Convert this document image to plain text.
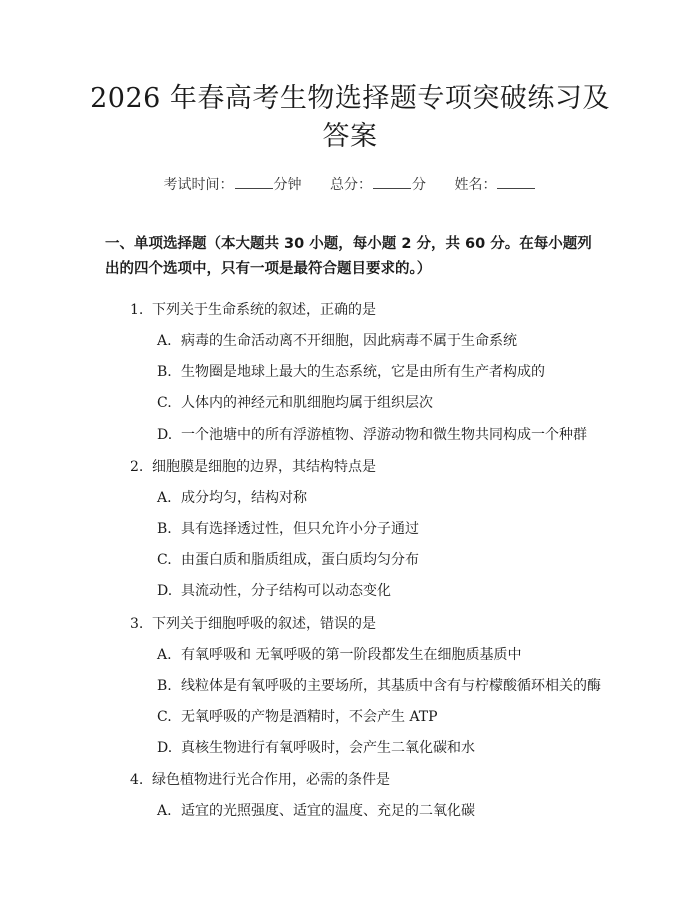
2026 年春高考生物选择题专项突破练习及答案
考试时间：	分钟 总分：	分 姓名：
一、单项选择题（本大题共 30 小题，每小题 2 分，共 60 分。在每小题列出的四个选项中，只有一项是最符合题目要求的。）
1. 下列关于生命系统的叙述，正确的是
A. 病毒的生命活动离不开细胞，因此病毒不属于生命系统
B. 生物圈是地球上最大的生态系统，它是由所有生产者构成的
C. 人体内的神经元和肌细胞均属于组织层次
D. 一个池塘中的所有浮游植物、浮游动物和微生物共同构成一个种群
2. 细胞膜是细胞的边界，其结构特点是
A. 成分均匀，结构对称
B. 具有选择透过性，但只允许小分子通过
C. 由蛋白质和脂质组成，蛋白质均匀分布
D. 具流动性，分子结构可以动态变化
3. 下列关于细胞呼吸的叙述，错误的是
A. 有氧呼吸和 无氧呼吸的第一阶段都发生在细胞质基质中
B. 线粒体是有氧呼吸的主要场所，其基质中含有与柠檬酸循环相关的酶
C. 无氧呼吸的产物是酒精时，不会产生 ATP
D. 真核生物进行有氧呼吸时，会产生二氧化碳和水
4. 绿色植物进行光合作用，必需的条件是
A. 适宜的光照强度、适宜的温度、充足的二氧化碳
